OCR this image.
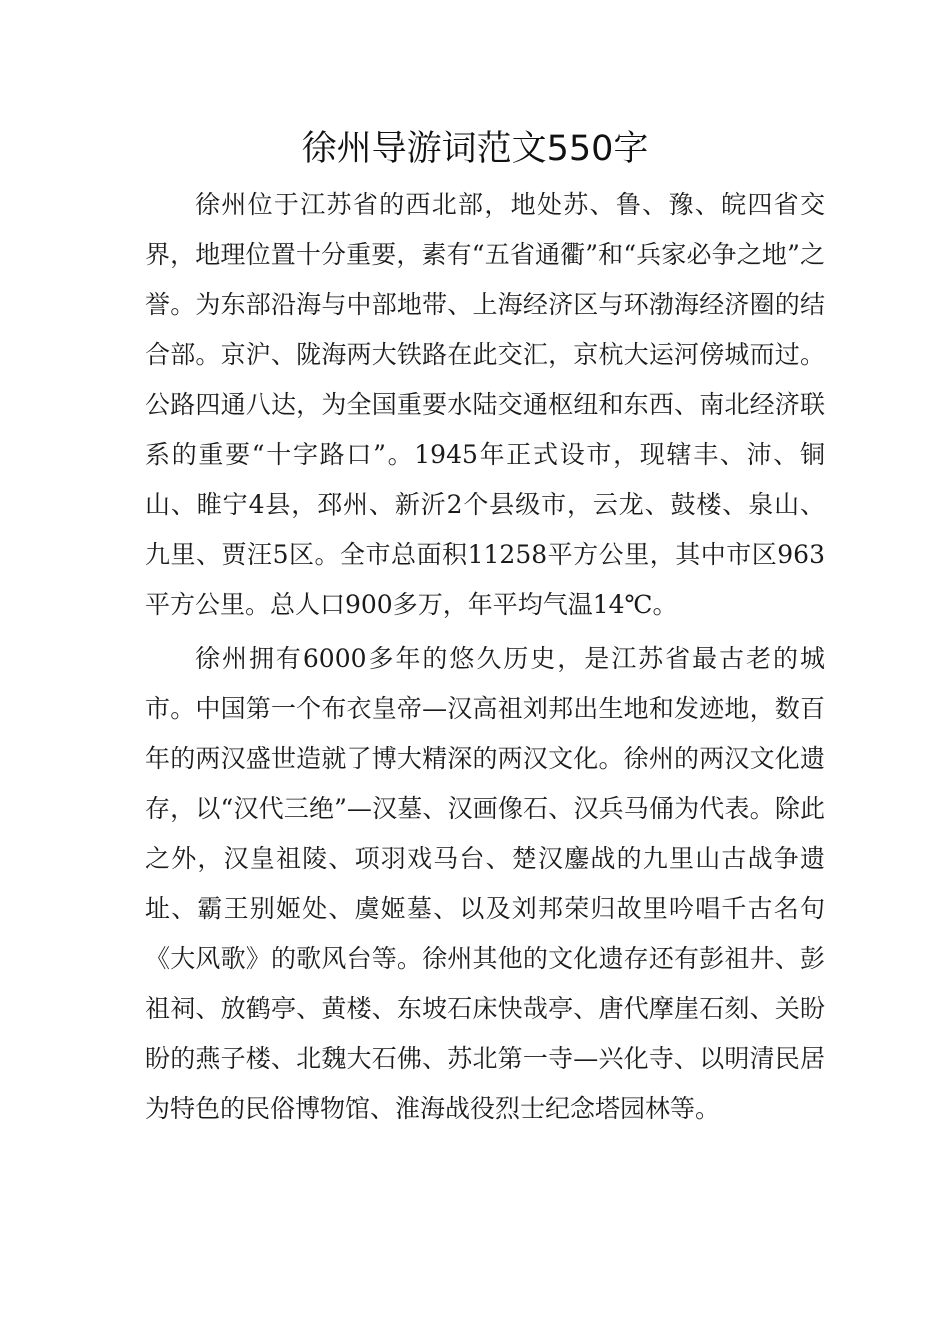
徐州导游词范文550字

徐州位于江苏省的西北部，地处苏、鲁、豫、皖四省交界，地理位置十分重要，素有“五省通衢”和“兵家必争之地”之誉。为东部沿海与中部地带、上海经济区与环渤海经济圈的结合部。京沪、陇海两大铁路在此交汇，京杭大运河傍城而过。公路四通八达，为全国重要水陆交通枢纽和东西、南北经济联系的重要“十字路口”。1945年正式设市，现辖丰、沛、铜山、睢宁4县，邳州、新沂2个县级市，云龙、鼓楼、泉山、九里、贾汪5区。全市总面积11258平方公里，其中市区963平方公里。总人口900多万，年平均气温14℃。

徐州拥有6000多年的悠久历史，是江苏省最古老的城市。中国第一个布衣皇帝—汉高祖刘邦出生地和发迹地，数百年的两汉盛世造就了博大精深的两汉文化。徐州的两汉文化遗存，以“汉代三绝”—汉墓、汉画像石、汉兵马俑为代表。除此之外，汉皇祖陵、项羽戏马台、楚汉鏖战的九里山古战争遗址、霸王别姬处、虞姬墓、以及刘邦荣归故里吟唱千古名句《大风歌》的歌风台等。徐州其他的文化遗存还有彭祖井、彭祖祠、放鹤亭、黄楼、东坡石床快哉亭、唐代摩崖石刻、关盼盼的燕子楼、北魏大石佛、苏北第一寺—兴化寺、以明清民居为特色的民俗博物馆、淮海战役烈士纪念塔园林等。
